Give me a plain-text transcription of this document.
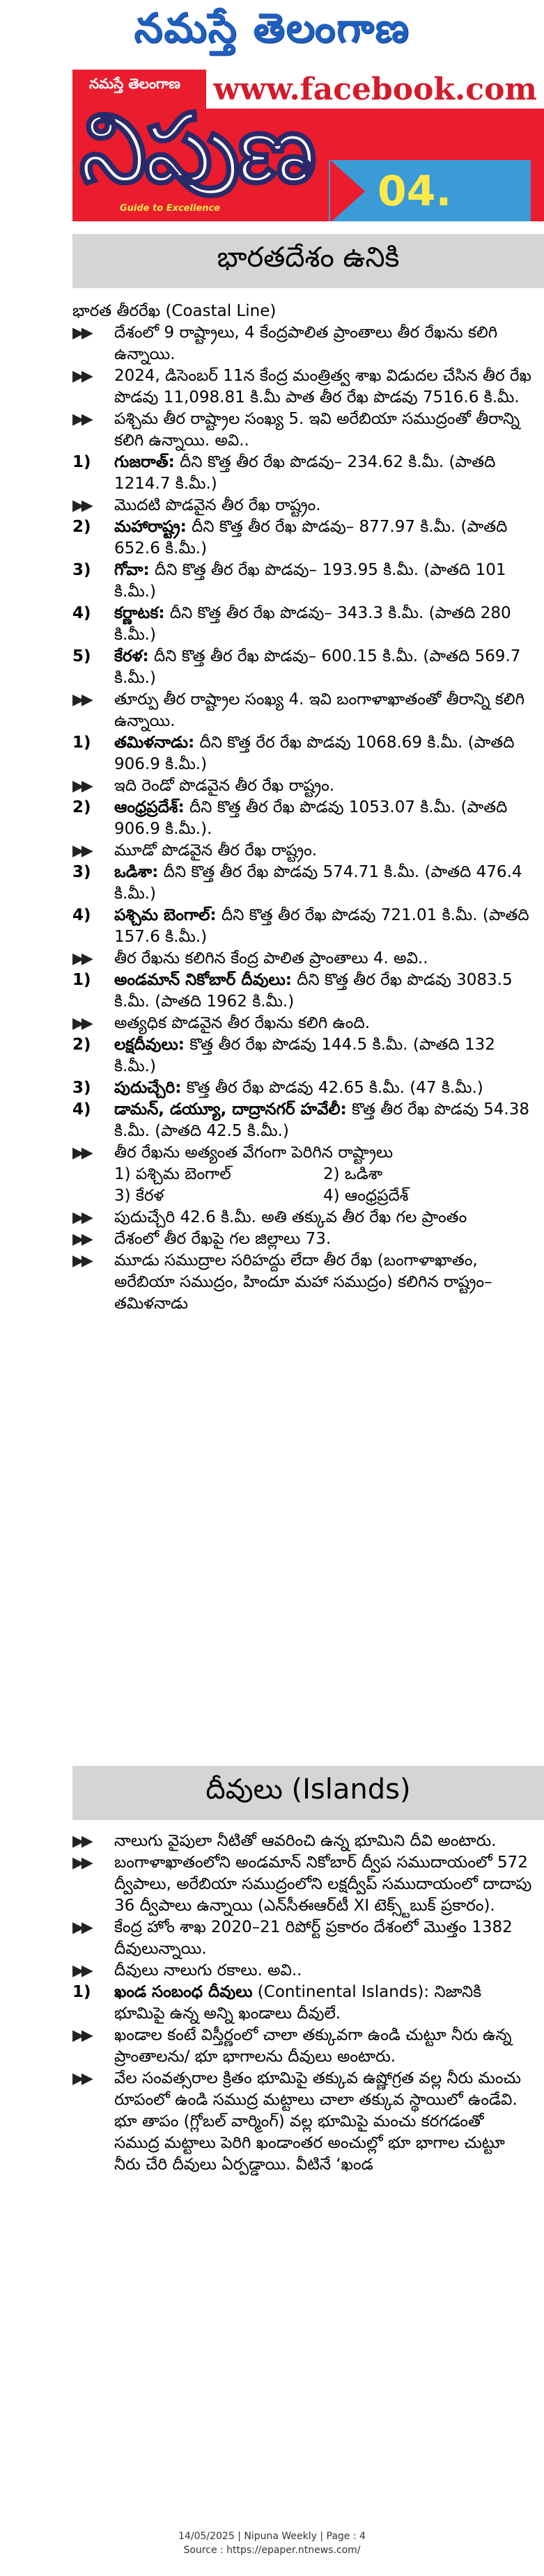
నమస్తే తెలంగాణ
నమస్తే తెలంగాణ www.facebook.com
నిపుణ
Guide to Excellence	04.
భారతదేశం ఉనికి
భారత తీరరేఖ (Coastal Line)
▶▶	దేశంలో 9 రాష్ట్రాలు, 4 కేంద్రపాలిత ప్రాంతాలు తీర రేఖను కలిగి ఉన్నాయి.
▶▶	2024, డిసెంబర్ 11న కేంద్ర మంత్రిత్వ శాఖ విడుదల చేసిన తీర రేఖ పొడవు 11,098.81 కి.మీ పాత తీర రేఖ పొడవు 7516.6 కి.మీ.
▶▶	పశ్చిమ తీర రాష్ట్రాల సంఖ్య 5. ఇవి అరేబియా సముద్రంతో తీరాన్ని కలిగి ఉన్నాయి. అవి..
1)	గుజరాత్: దీని కొత్త తీర రేఖ పొడవు– 234.62 కి.మీ. (పాతది 1214.7 కి.మీ.)
▶▶	మొదటి పొడవైన తీర రేఖ రాష్ట్రం.
2)	మహారాష్ట్ర: దీని కొత్త తీర రేఖ పొడవు– 877.97 కి.మీ. (పాతది 652.6 కి.మీ.)
3)	గోవా: దీని కొత్త తీర రేఖ పొడవు– 193.95 కి.మీ. (పాతది 101 కి.మీ.)
4)	కర్ణాటక: దీని కొత్త తీర రేఖ పొడవు– 343.3 కి.మీ. (పాతది 280 కి.మీ.)
5)	కేరళ: దీని కొత్త తీర రేఖ పొడవు– 600.15 కి.మీ. (పాతది 569.7 కి.మీ.)
▶▶	తూర్పు తీర రాష్ట్రాల సంఖ్య 4. ఇవి బంగాళాఖాతంతో తీరాన్ని కలిగి ఉన్నాయి.
1)	తమిళనాడు: దీని కొత్త రేర రేఖ పొడవు 1068.69 కి.మీ. (పాతది 906.9 కి.మీ.)
▶▶	ఇది రెండో పొడవైన తీర రేఖ రాష్ట్రం.
2)	ఆంధ్రప్రదేశ్: దీని కొత్త తీర రేఖ పొడవు 1053.07 కి.మీ. (పాతది 906.9 కి.మీ.).
▶▶	మూడో పొడవైన తీర రేఖ రాష్ట్రం.
3)	ఒడిశా: దీని కొత్త తీర రేఖ పొడవు 574.71 కి.మీ. (పాతది 476.4 కి.మీ.)
4)	పశ్చిమ బెంగాల్: దీని కొత్త తీర రేఖ పొడవు 721.01 కి.మీ. (పాతది 157.6 కి.మీ.)
▶▶	తీర రేఖను కలిగిన కేంద్ర పాలిత ప్రాంతాలు 4. అవి..
1)	అండమాన్ నికోబార్ దీవులు: దీని కొత్త తీర రేఖ పొడవు 3083.5 కి.మీ. (పాతది 1962 కి.మీ.)
▶▶	అత్యధిక పొడవైన తీర రేఖను కలిగి ఉంది.
2)	లక్షదీవులు: కొత్త తీర రేఖ పొడవు 144.5 కి.మీ. (పాతది 132 కి.మీ.)
3)	పుదుచ్చేరి: కొత్త తీర రేఖ పొడవు 42.65 కి.మీ. (47 కి.మీ.)
4)	డామన్, డయ్యూ, దాద్రానగర్ హవేలీ: కొత్త తీర రేఖ పొడవు 54.38 కి.మీ. (పాతది 42.5 కి.మీ.)
▶▶	తీర రేఖను అత్యంత వేగంగా పెరిగిన రాష్ట్రాలు
1) పశ్చిమ బెంగాల్	2) ఒడిశా
3) కేరళ	4) ఆంధ్రప్రదేశ్
▶▶	పుదుచ్చేరి 42.6 కి.మీ. అతి తక్కువ తీర రేఖ గల ప్రాంతం
▶▶	దేశంలో తీర రేఖపై గల జిల్లాలు 73.
▶▶	మూడు సముద్రాల సరిహద్దు లేదా తీర రేఖ (బంగాళాఖాతం, అరేబియా సముద్రం, హిందూ మహా సముద్రం) కలిగిన రాష్ట్రం– తమిళనాడు
దీవులు (Islands)
▶▶	నాలుగు వైపులా నీటితో ఆవరించి ఉన్న భూమిని దీవి అంటారు.
▶▶	బంగాళాఖాతంలోని అండమాన్ నికోబార్ ద్వీప సముదాయంలో 572 ద్వీపాలు, అరేబియా సముద్రంలోని లక్షద్వీప్ సముదాయంలో దాదాపు 36 ద్వీపాలు ఉన్నాయి (ఎన్‌సీఈఆర్‌టీ XI టెక్స్ట్‌బుక్ ప్రకారం).
▶▶	కేంద్ర హోం శాఖ 2020–21 రిపోర్ట్ ప్రకారం దేశంలో మొత్తం 1382 దీవులున్నాయి.
▶▶	దీవులు నాలుగు రకాలు. అవి..
1)	ఖండ సంబంధ దీవులు (Continental Islands): నిజానికి భూమిపై ఉన్న అన్ని ఖండాలు దీవులే.
▶▶	ఖండాల కంటే విస్తీర్ణంలో చాలా తక్కువగా ఉండి చుట్టూ నీరు ఉన్న ప్రాంతాలను/ భూ భాగాలను దీవులు అంటారు.
▶▶	వేల సంవత్సరాల క్రితం భూమిపై తక్కువ ఉష్ణోగ్రత వల్ల నీరు మంచు రూపంలో ఉండి సముద్ర మట్టాలు చాలా తక్కువ స్థాయిలో ఉండేవి. భూ తాపం (గ్లోబల్ వార్మింగ్) వల్ల భూమిపై మంచు కరగడంతో సముద్ర మట్టాలు పెరిగి ఖండాంతర అంచుల్లో భూ భాగాల చుట్టూ నీరు చేరి దీవులు ఏర్పడ్డాయి. వీటినే ‘ఖండ
14/05/2025 | Nipuna Weekly | Page : 4
Source : https://epaper.ntnews.com/
